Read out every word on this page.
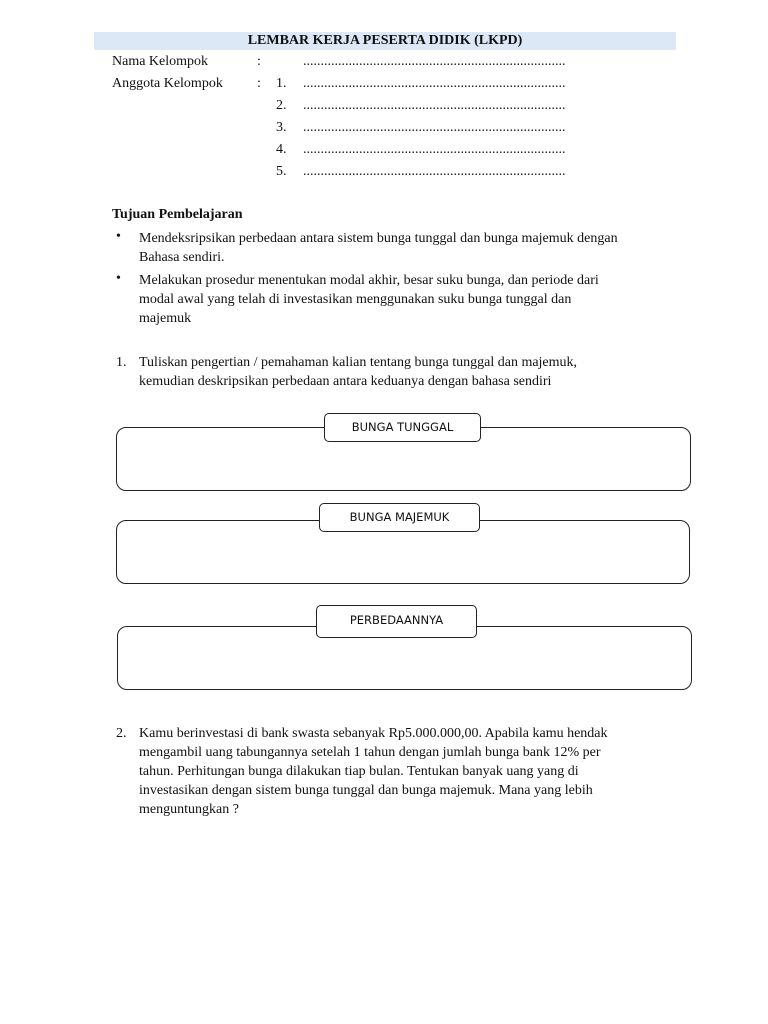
LEMBAR KERJA PESERTA DIDIK (LKPD)
Nama Kelompok	:	...........................................................................
Anggota Kelompok : 1. ...........................................................................
2. ...........................................................................
3. ...........................................................................
4. ...........................................................................
5. ...........................................................................
Tujuan Pembelajaran
• Mendeksripsikan perbedaan antara sistem bunga tunggal dan bunga majemuk dengan
Bahasa sendiri.
• Melakukan prosedur menentukan modal akhir, besar suku bunga, dan periode dari
modal awal yang telah di investasikan menggunakan suku bunga tunggal dan
majemuk
1. Tuliskan pengertian / pemahaman kalian tentang bunga tunggal dan majemuk,
kemudian deskripsikan perbedaan antara keduanya dengan bahasa sendiri
BUNGA TUNGGAL
BUNGA MAJEMUK
PERBEDAANNYA
2. Kamu berinvestasi di bank swasta sebanyak Rp5.000.000,00. Apabila kamu hendak
mengambil uang tabungannya setelah 1 tahun dengan jumlah bunga bank 12% per
tahun. Perhitungan bunga dilakukan tiap bulan. Tentukan banyak uang yang di
investasikan dengan sistem bunga tunggal dan bunga majemuk. Mana yang lebih
menguntungkan ?
